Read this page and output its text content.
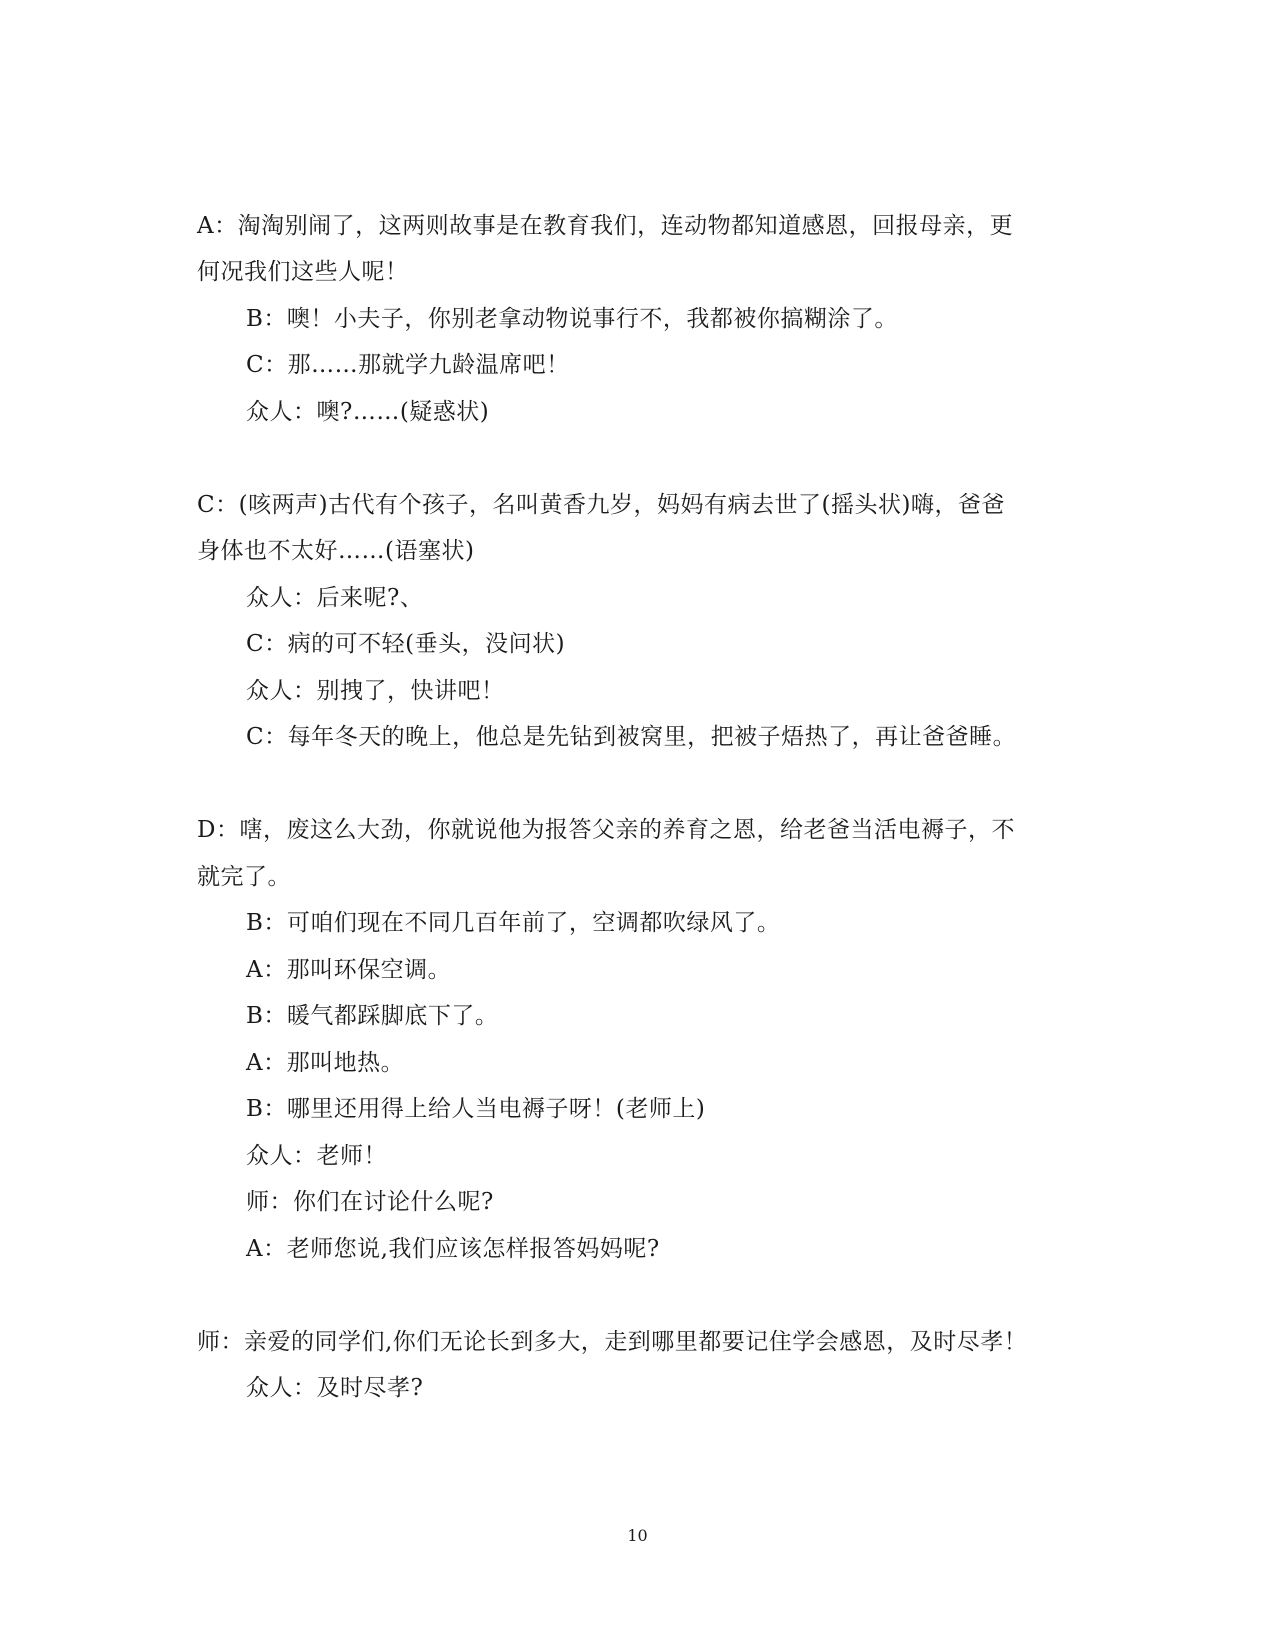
A：淘淘别闹了，这两则故事是在教育我们，连动物都知道感恩，回报母亲，更
何况我们这些人呢！
B：噢！小夫子，你别老拿动物说事行不，我都被你搞糊涂了。
C：那……那就学九龄温席吧！
众人：噢?……(疑惑状)
C：(咳两声)古代有个孩子，名叫黄香九岁，妈妈有病去世了(摇头状)嗨，爸爸
身体也不太好……(语塞状)
众人：后来呢?、
C：病的可不轻(垂头，没问状)
众人：别拽了，快讲吧！
C：每年冬天的晚上，他总是先钻到被窝里，把被子焐热了，再让爸爸睡。
D：嗐，废这么大劲，你就说他为报答父亲的养育之恩，给老爸当活电褥子，不
就完了。
B：可咱们现在不同几百年前了，空调都吹绿风了。
A：那叫环保空调。
B：暖气都踩脚底下了。
A：那叫地热。
B：哪里还用得上给人当电褥子呀！(老师上)
众人：老师！
师：你们在讨论什么呢?
A：老师您说,我们应该怎样报答妈妈呢?
师：亲爱的同学们,你们无论长到多大，走到哪里都要记住学会感恩，及时尽孝！
众人：及时尽孝?
10
